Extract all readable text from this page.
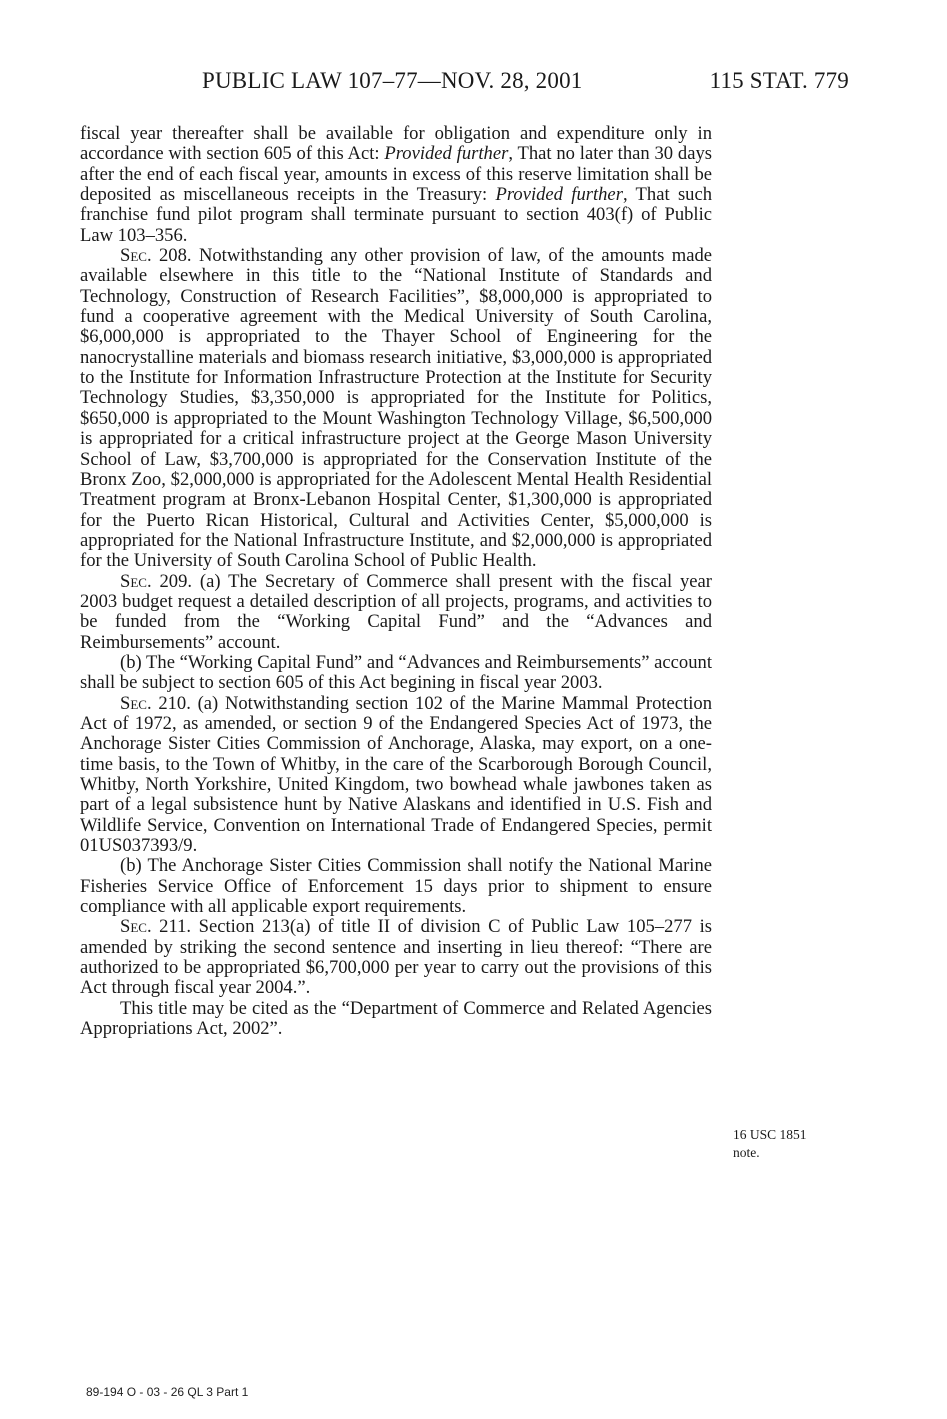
PUBLIC LAW 107–77—NOV. 28, 2001	115 STAT. 779

fiscal year thereafter shall be available for obligation and expenditure only in accordance with section 605 of this Act: Provided further, That no later than 30 days after the end of each fiscal year, amounts in excess of this reserve limitation shall be deposited as miscellaneous receipts in the Treasury: Provided further, That such franchise fund pilot program shall terminate pursuant to section 403(f) of Public Law 103–356.

Sec. 208. Notwithstanding any other provision of law, of the amounts made available elsewhere in this title to the “National Institute of Standards and Technology, Construction of Research Facilities”, $8,000,000 is appropriated to fund a cooperative agreement with the Medical University of South Carolina, $6,000,000 is appropriated to the Thayer School of Engineering for the nanocrystalline materials and biomass research initiative, $3,000,000 is appropriated to the Institute for Information Infrastructure Protection at the Institute for Security Technology Studies, $3,350,000 is appropriated for the Institute for Politics, $650,000 is appropriated to the Mount Washington Technology Village, $6,500,000 is appropriated for a critical infrastructure project at the George Mason University School of Law, $3,700,000 is appropriated for the Conservation Institute of the Bronx Zoo, $2,000,000 is appropriated for the Adolescent Mental Health Residential Treatment program at Bronx-Lebanon Hospital Center, $1,300,000 is appropriated for the Puerto Rican Historical, Cultural and Activities Center, $5,000,000 is appropriated for the National Infrastructure Institute, and $2,000,000 is appropriated for the University of South Carolina School of Public Health.

Sec. 209. (a) The Secretary of Commerce shall present with the fiscal year 2003 budget request a detailed description of all projects, programs, and activities to be funded from the “Working Capital Fund” and the “Advances and Reimbursements” account.

(b) The “Working Capital Fund” and “Advances and Reimbursements” account shall be subject to section 605 of this Act begining in fiscal year 2003.

Sec. 210. (a) Notwithstanding section 102 of the Marine Mammal Protection Act of 1972, as amended, or section 9 of the Endangered Species Act of 1973, the Anchorage Sister Cities Commission of Anchorage, Alaska, may export, on a one-time basis, to the Town of Whitby, in the care of the Scarborough Borough Council, Whitby, North Yorkshire, United Kingdom, two bowhead whale jawbones taken as part of a legal subsistence hunt by Native Alaskans and identified in U.S. Fish and Wildlife Service, Convention on International Trade of Endangered Species, permit 01US037393/9.

(b) The Anchorage Sister Cities Commission shall notify the National Marine Fisheries Service Office of Enforcement 15 days prior to shipment to ensure compliance with all applicable export requirements.

Sec. 211. Section 213(a) of title II of division C of Public Law 105–277 is amended by striking the second sentence and inserting in lieu thereof: “There are authorized to be appropriated $6,700,000 per year to carry out the provisions of this Act through fiscal year 2004.”.

This title may be cited as the “Department of Commerce and Related Agencies Appropriations Act, 2002”.

16 USC 1851
note.
89-194 O - 03 - 26 QL 3 Part 1
